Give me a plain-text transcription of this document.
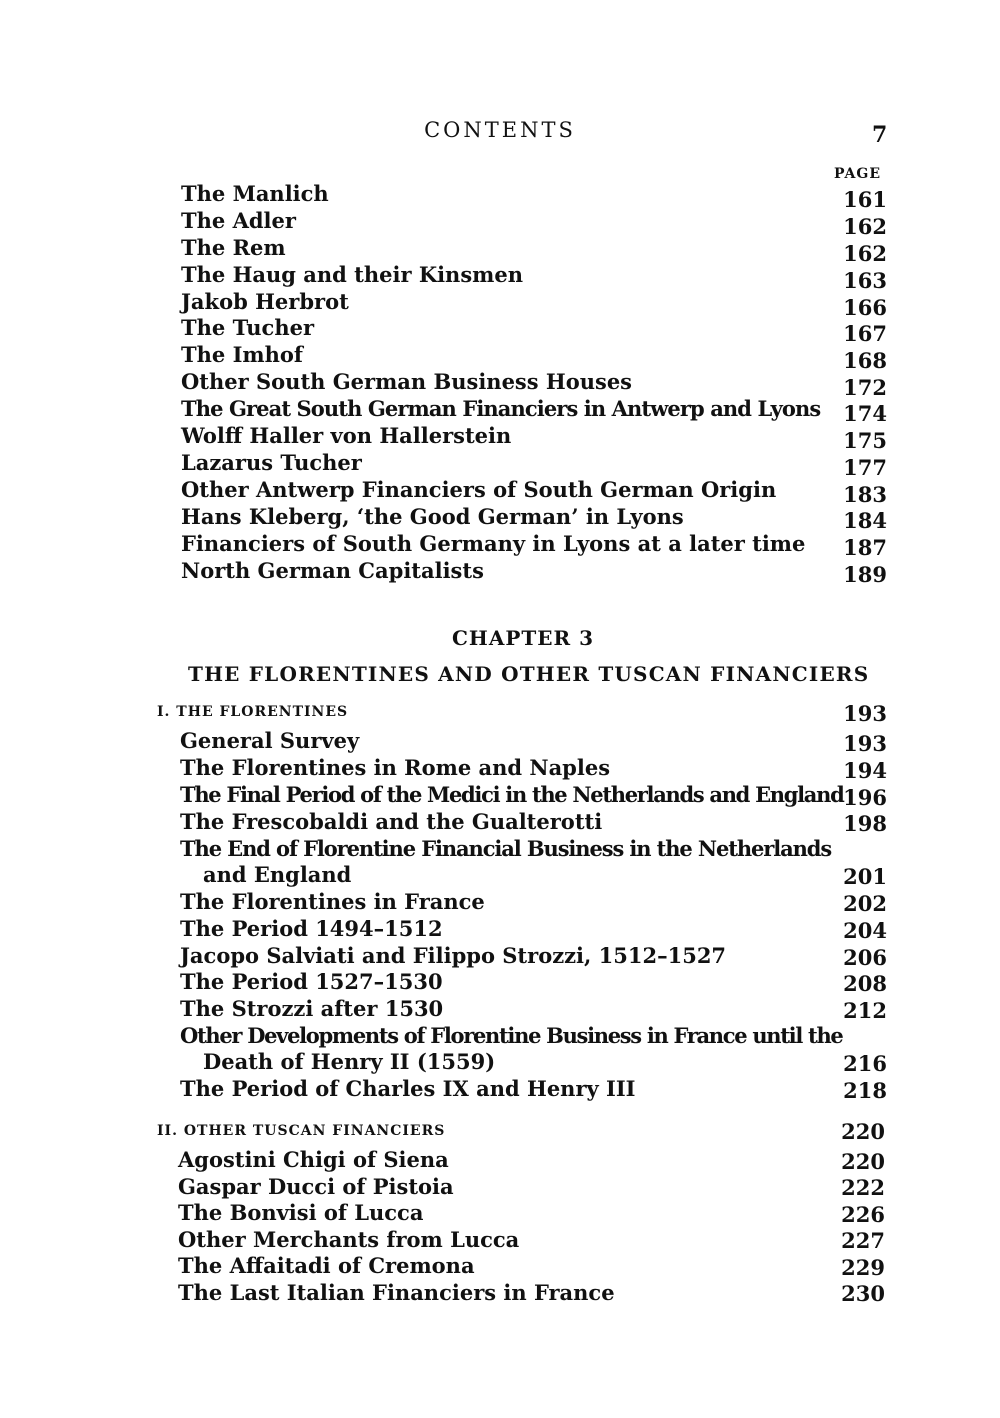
CONTENTS	7
PAGE
The Manlich	161
The Adler	162
The Rem	162
The Haug and their Kinsmen	163
Jakob Herbrot	166
The Tucher	167
The Imhof	168
Other South German Business Houses	172
The Great South German Financiers in Antwerp and Lyons	174
Wolff Haller von Hallerstein	175
Lazarus Tucher	177
Other Antwerp Financiers of South German Origin	183
Hans Kleberg, ‘the Good German’ in Lyons	184
Financiers of South Germany in Lyons at a later time	187
North German Capitalists	189
CHAPTER 3
THE FLORENTINES AND OTHER TUSCAN FINANCIERS
I. THE FLORENTINES	193
General Survey	193
The Florentines in Rome and Naples	194
The Final Period of the Medici in the Netherlands and England 196
The Frescobaldi and the Gualterotti	198
The End of Florentine Financial Business in the Netherlands
and England	201
The Florentines in France	202
The Period 1494–1512	204
Jacopo Salviati and Filippo Strozzi, 1512–1527	206
The Period 1527–1530	208
The Strozzi after 1530	212
Other Developments of Florentine Business in France until the
Death of Henry II (1559)	216
The Period of Charles IX and Henry III	218
II. OTHER TUSCAN FINANCIERS	220
Agostini Chigi of Siena	220
Gaspar Ducci of Pistoia	222
The Bonvisi of Lucca	226
Other Merchants from Lucca	227
The Affaitadi of Cremona	229
The Last Italian Financiers in France	230
